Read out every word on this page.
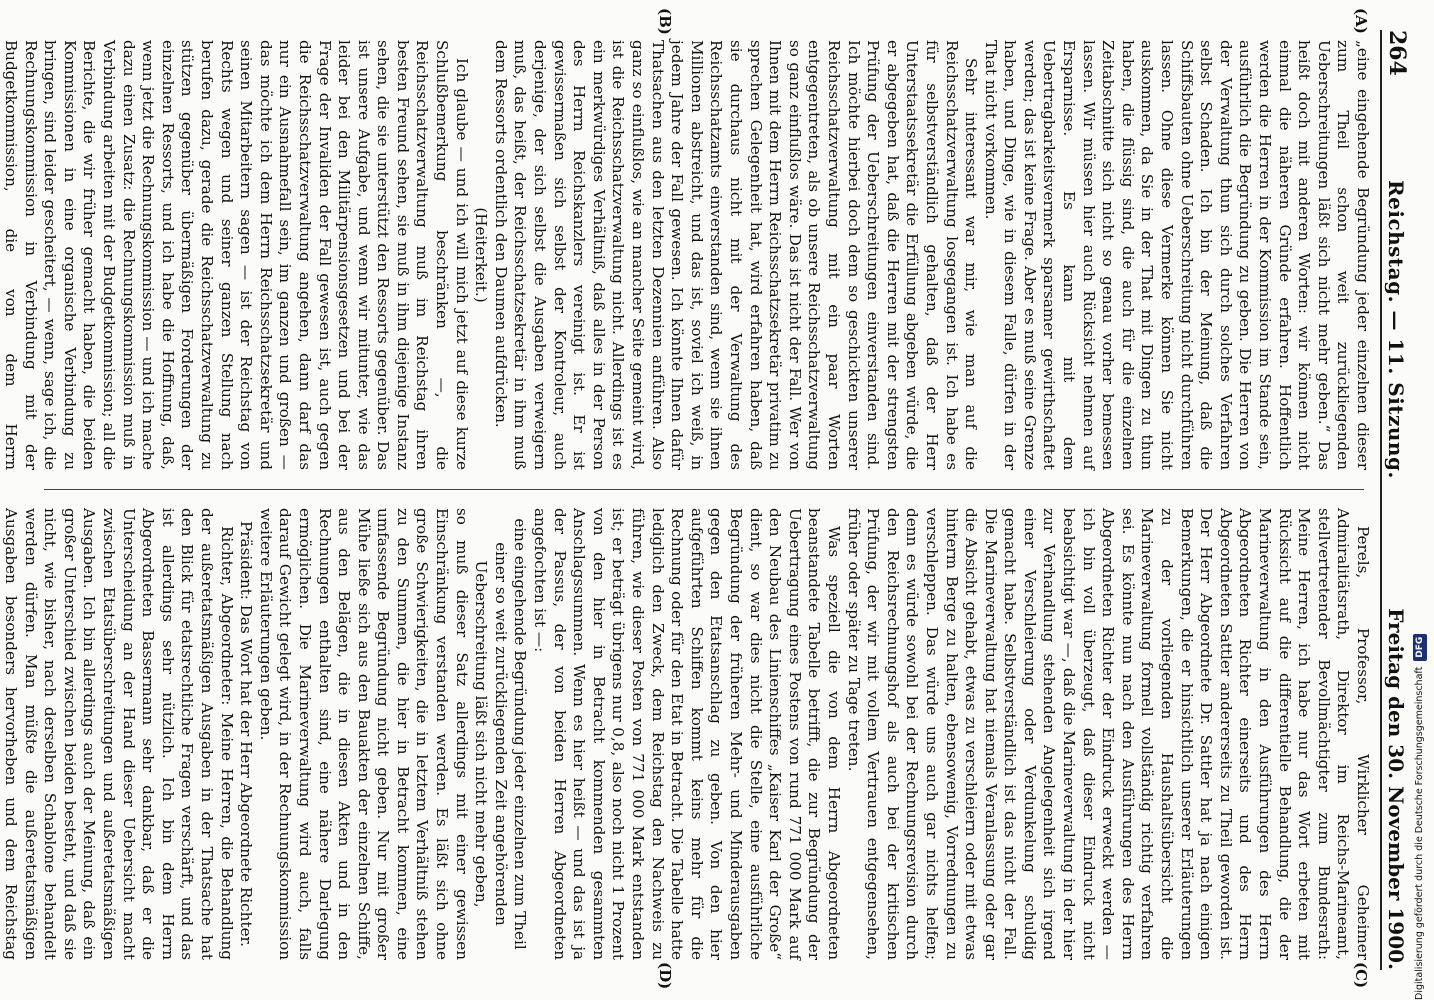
264
Reichstag. — 11. Sitzung.
Freitag den 30. November 1900.
(A)
(B)
(C)
(D)

„eine eingehende Begründung jeder einzelnen dieser zum Theil schon weit zurückliegenden Ueberschreitungen läßt sich nicht mehr geben.“ Das heißt doch mit anderen Worten: wir können nicht einmal die näheren Gründe erfahren. Hoffentlich werden die Herren in der Kommission im Stande sein, ausführlich die Begründung zu geben. Die Herren von der Verwaltung thun sich durch solches Verfahren selbst Schaden. Ich bin der Meinung, daß die Schiffsbauten ohne Ueberschreitung nicht durchführen lassen. Ohne diese Vermerke können Sie nicht auskommen, da Sie in der That mit Dingen zu thun haben, die flüssig sind, die auch für die einzelnen Zeitabschnitte sich nicht so genau vorher bemessen lassen. Wir müssen hier auch Rücksicht nehmen auf Ersparnisse. Es kann mit dem Uebertragbarkeitsvermerk sparsamer gewirthschaftet werden; das ist keine Frage. Aber es muß seine Grenze haben, und Dinge, wie in diesem Falle, dürfen in der That nicht vorkommen.

Sehr interessant war mir, wie man auf die Reichsschatzverwaltung losgegangen ist. Ich habe es für selbstverständlich gehalten, daß der Herr Unterstaatssekretär die Erfüllung abgeben würde, die er abgegeben hat, daß die Herren mit der strengsten Prüfung der Ueberschreitungen einverstanden sind. Ich möchte hierbei doch dem so geschickten unserer Reichsschatzverwaltung mit ein paar Worten entgegentreten, als ob unsere Reichsschatzverwaltung so ganz einflußlos wäre. Das ist nicht der Fall. Wer von Ihnen mit dem Herrn Reichsschatzsekretär privatim zu sprechen Gelegenheit hat, wird erfahren haben, daß sie durchaus nicht mit der Verwaltung des Reichsschatzamts einverstanden sind, wenn sie ihnen Millionen abstreicht, und das ist, soviel ich weiß, in jedem Jahre der Fall gewesen. Ich könnte Ihnen dafür Thatsachen aus den letzten Dezennien anführen. Also ganz so einflußlos, wie an mancher Seite gemeint wird, ist die Reichsschatzverwaltung nicht. Allerdings ist es ein merkwürdiges Verhältniß, daß alles in der Person des Herrn Reichskanzlers vereinigt ist. Er ist gewissermaßen sich selbst der Kontroleur, auch derjenige, der sich selbst die Ausgaben verweigern muß, das heißt, der Reichsschatzsekretär in ihm muß dem Ressorts ordentlich den Daumen aufdrücken.

(Heiterkeit.)

Ich glaube — und ich will mich jetzt auf diese kurze Schlußbemerkung beschränken —, die Reichsschatzverwaltung muß im Reichstag ihren besten Freund sehen, sie muß in ihm diejenige Instanz sehen, die sie unterstützt den Ressorts gegenüber. Das ist unsere Aufgabe, und wenn wir mitunter, wie das leider bei den Militärpensionsgesetzen und bei der Frage der Invaliden der Fall gewesen ist, auch gegen die Reichsschatzverwaltung angehen, dann darf das nur ein Ausnahmefall sein, im ganzen und großen — das möchte ich dem Herrn Reichsschatzsekretär und seinen Mitarbeitern sagen — ist der Reichstag von Rechts wegen und seiner ganzen Stellung nach berufen dazu, gerade die Reichsschatzverwaltung zu stützen gegenüber übermäßigen Forderungen der einzelnen Ressorts, und ich habe die Hoffnung, daß, wenn jetzt die Rechnungskommission — und ich mache dazu einen Zusatz: die Rechnungskommission muß in Verbindung arbeiten mit der Budgetkommission; all die Berichte, die wir früher gemacht haben, die beiden Kommissionen in eine organische Verbindung zu bringen, sind leider gescheitert, — wenn, sage ich, die Rechnungskommission in Verbindung mit der Budgetkommission, die von dem Herrn

Perels, Professor, Wirklicher Geheimer Admiralitätsrath, Direktor im Reichs-Marineamt, stellvertretender Bevollmächtigter zum Bundesrath: Meine Herren, ich habe nur das Wort erbeten mit Rücksicht auf die differentielle Behandlung, die der Marineverwaltung in den Ausführungen des Herrn Abgeordneten Richter einerseits und des Herrn Abgeordneten Sattler andererseits zu Theil geworden ist. Der Herr Abgeordnete Dr. Sattler hat ja nach einigen Bemerkungen, die er hinsichtlich unserer Erläuterungen zu der vorliegenden Haushaltsübersicht die Marineverwaltung formell vollständig richtig verfahren sei. Es könnte nun nach den Ausführungen des Herrn Abgeordneten Richter der Eindruck erweckt werden — ich bin voll überzeugt, daß dieser Eindruck nicht beabsichtigt war —, daß die Marineverwaltung in der hier zur Verhandlung stehenden Angelegenheit sich irgend einer Verschleierung oder Verdunkelung schuldig gemacht habe. Selbstverständlich ist das nicht der Fall. Die Marineverwaltung hat niemals Veranlassung oder gar die Absicht gehabt, etwas zu verschleiern oder mit etwas hinterm Berge zu halten, ebensowenig, Vorrednungen zu verschleppen. Das würde uns auch gar nichts helfen; denn es würde sowohl bei der Rechnungsrevision durch den Reichsrechnungshof als auch bei der kritischen Prüfung, der wir mit vollem Vertrauen entgegensehen, früher oder später zu Tage treten.

Was speziell die von dem Herrn Abgeordneten beanstandete Tabelle betrifft, die zur Begründung der Uebertragung eines Postens von rund 771 000 Mark auf den Neubau des Linienschiffes „Kaiser Karl der Große“ dient, so war dies nicht die Stelle, eine ausführliche Begründung der früheren Mehr- und Minderausgaben gegen den Etatsanschlag zu geben. Von den hier aufgeführten Schiffen kommt keins mehr für die Rechnung oder für den Etat in Betracht. Die Tabelle hatte lediglich den Zweck, dem Reichstag den Nachweis zu führen, wie dieser Posten von 771 000 Mark entstanden ist; er beträgt übrigens nur 0,8, also noch nicht 1 Prozent von den hier in Betracht kommenden gesammten Anschlagssummen. Wenn es hier heißt — und das ist ja der Passus, der von beiden Herren Abgeordneten angefochten ist —:

eine eingehende Begründung jeder einzelnen zum Theil einer so weit zurückliegenden Zeit angehörenden Ueberschreitung läßt sich nicht mehr geben,

so muß dieser Satz allerdings mit einer gewissen Einschränkung verstanden werden. Es läßt sich ohne große Schwierigkeiten, die in letztem Verhältniß stehen zu den Summen, die hier in Betracht kommen, eine umfassende Begründung nicht geben. Nur mit großer Mühe ließe sich aus den Bauakten der einzelnen Schiffe, aus den Belägen, die in diesen Akten und in den Rechnungen enthalten sind, eine nähere Darlegung ermöglichen. Die Marineverwaltung wird auch, falls darauf Gewicht gelegt wird, in der Rechnungskommission weitere Erläuterungen geben.

Präsident: Das Wort hat der Herr Abgeordnete Richter.

Richter, Abgeordneter: Meine Herren, die Behandlung der außeretatsmäßigen Ausgaben in der Thatsache hat den Blick für etatsrechtliche Fragen verschärft, und das ist allerdings sehr nützlich. Ich bin dem Herrn Abgeordneten Bassermann sehr dankbar, daß er die Unterscheidung an der Hand dieser Uebersicht macht zwischen Etatsüberschreitungen und außeretatsmäßigen Ausgaben. Ich bin allerdings auch der Meinung, daß ein großer Unterschied zwischen beiden besteht, und daß sie nicht, wie bisher, nach derselben Schablone behandelt werden dürfen. Man müßte die außeretatsmäßigen Ausgaben besonders hervorheben und dem Reichstag	Digitalisierung gefördert durch die Deutsche ForschungsgemeinschaftDFG
